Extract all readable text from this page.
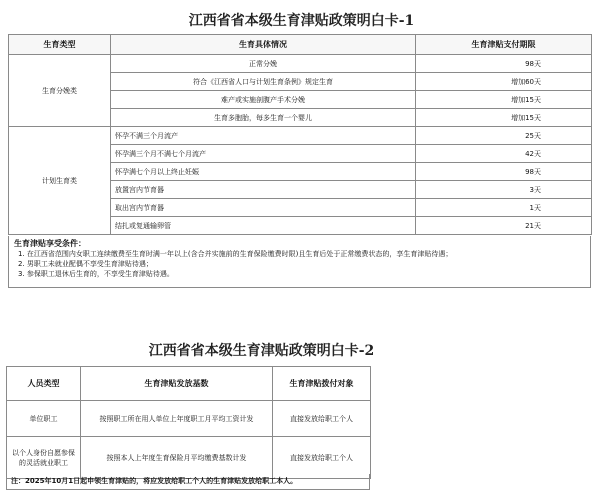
江西省省本级生育津贴政策明白卡-1
生育类型	生育具体情况	生育津贴支付期限
生育分娩类	正常分娩	98天
	符合《江西省人口与计划生育条例》规定生育	增加60天
	难产或实施剖腹产手术分娩	增加15天
	生育多胞胎，每多生育一个婴儿	增加15天
计划生育类	怀孕不满三个月流产	25天
	怀孕满三个月不满七个月流产	42天
	怀孕满七个月以上终止妊娠	98天
	放置宫内节育器	3天
	取出宫内节育器	1天
	结扎或复通输卵管	21天
生育津贴享受条件：
1. 在江西省范围内女职工连续缴费至生育时满一年以上(含合并实施前的生育保险缴费时限)且生育后处于正常缴费状态的，享生育津贴待遇；
2. 男职工未就业配偶不享受生育津贴待遇；
3. 参保职工退休后生育的，不享受生育津贴待遇。
江西省省本级生育津贴政策明白卡-2
人员类型	生育津贴发放基数	生育津贴拨付对象
单位职工	按照职工所在用人单位上年度职工月平均工资计发	直接发放给职工个人
以个人身份自愿参保的灵活就业职工	按照本人上年度生育保险月平均缴费基数计发	直接发放给职工个人
注：2025年10月1日起申领生育津贴的，将应发放给职工个人的生育津贴发放给职工本人。
